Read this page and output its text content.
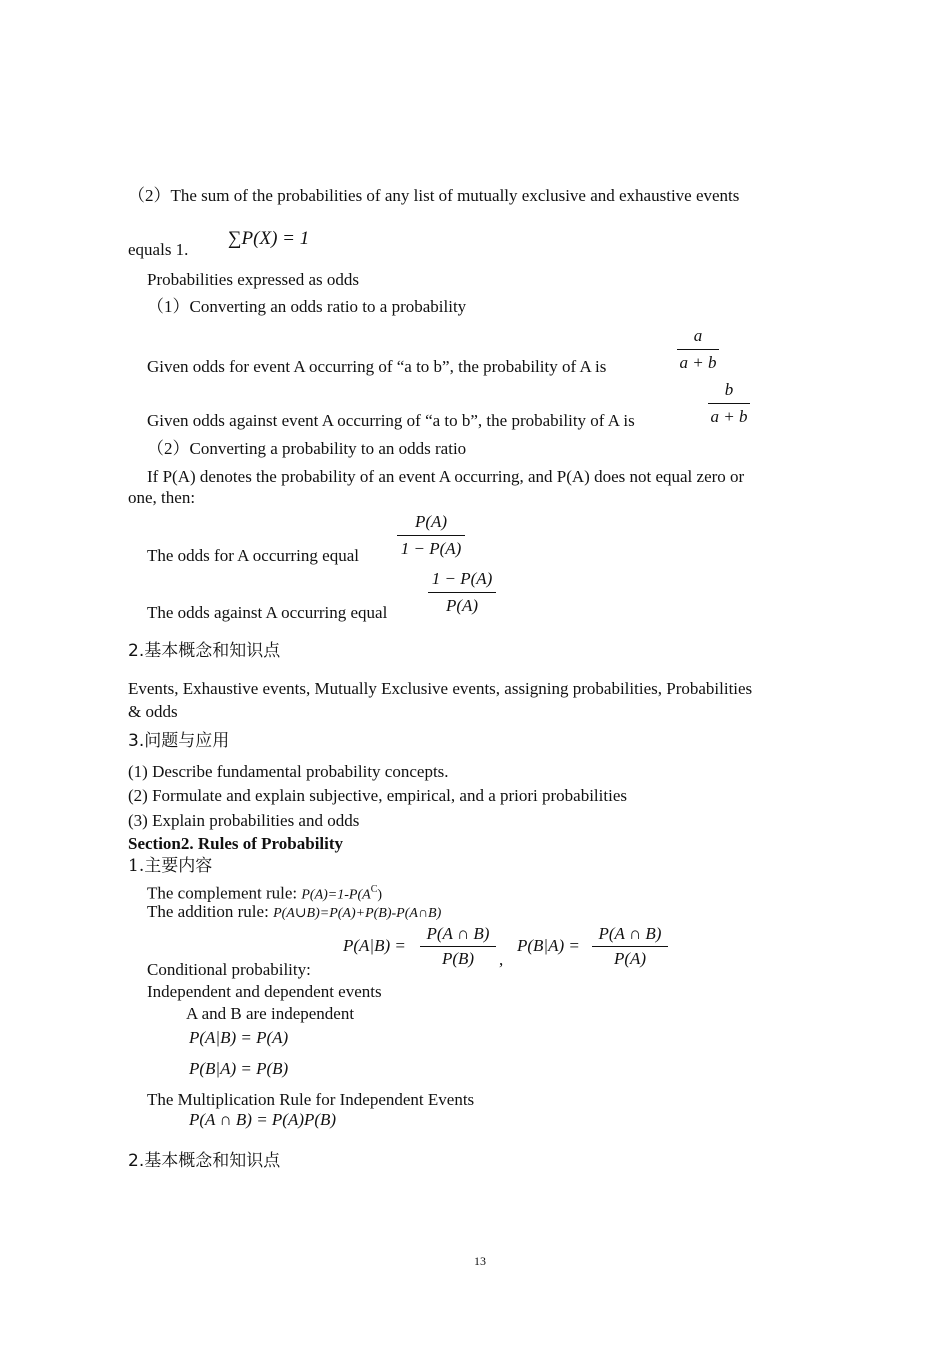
（2）The sum of the probabilities of any list of mutually exclusive and exhaustive events
equals 1.
∑P(X) = 1
Probabilities expressed as odds
（1）Converting an odds ratio to a probability
Given odds for event A occurring of “a to b”, the probability of A is
a
a + b
Given odds against event A occurring of “a to b”, the probability of A is
b
a + b
（2）Converting a probability to an odds ratio
If P(A) denotes the probability of an event A occurring, and P(A) does not equal zero or
one, then:
The odds for A occurring equal
P(A)
1 − P(A)
The odds against A occurring equal
1 − P(A)
P(A)
2.基本概念和知识点
Events, Exhaustive events, Mutually Exclusive events, assigning probabilities, Probabilities
& odds
3.问题与应用
(1) Describe fundamental probability concepts.
(2) Formulate and explain subjective, empirical, and a priori probabilities
(3) Explain probabilities and odds
Section2. Rules of Probability
1.主要内容
The complement rule: $P(A)=1-P(A^C)$
The addition rule: P(A∪B)=P(A)+P(B)-P(A∩B)
P(A|B) =
P(A ∩ B)
P(B)	,
P(B|A) =
P(A ∩ B)
P(A)
Conditional probability:
Independent and dependent events
A and B are independent
P(A|B) = P(A)
P(B|A) = P(B)
The Multiplication Rule for Independent Events
P(A ∩ B) = P(A)P(B)
2.基本概念和知识点
13
